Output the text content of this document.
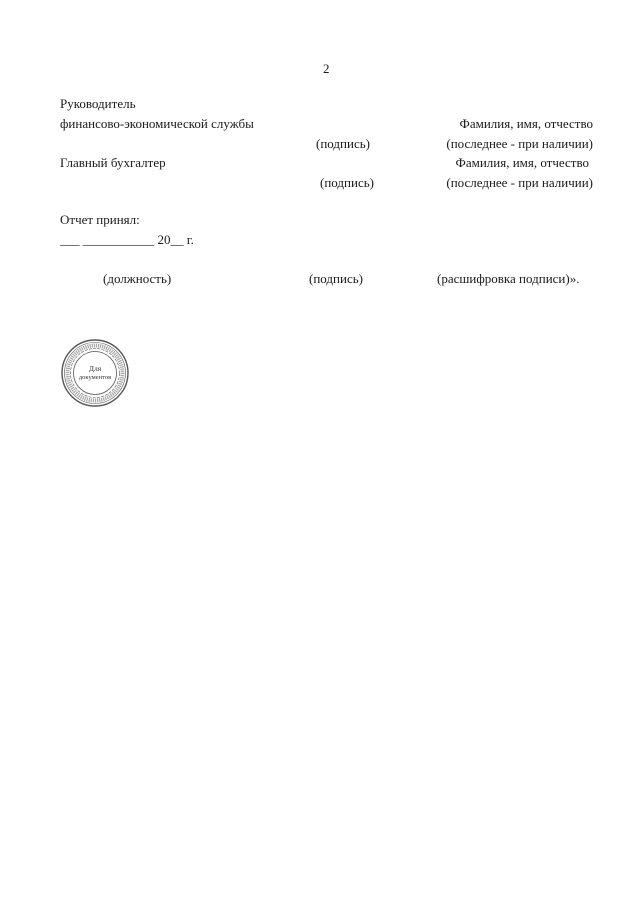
2
Руководитель
финансово-экономической службы	Фамилия, имя, отчество
(подпись)	(последнее - при наличии)
Главный бухгалтер	Фамилия, имя, отчество
(подпись)	(последнее - при наличии)
Отчет принял:
___ ___________ 20__ г.
(должность)	(подпись)	(расшифровка подписи)».
Для
документов
